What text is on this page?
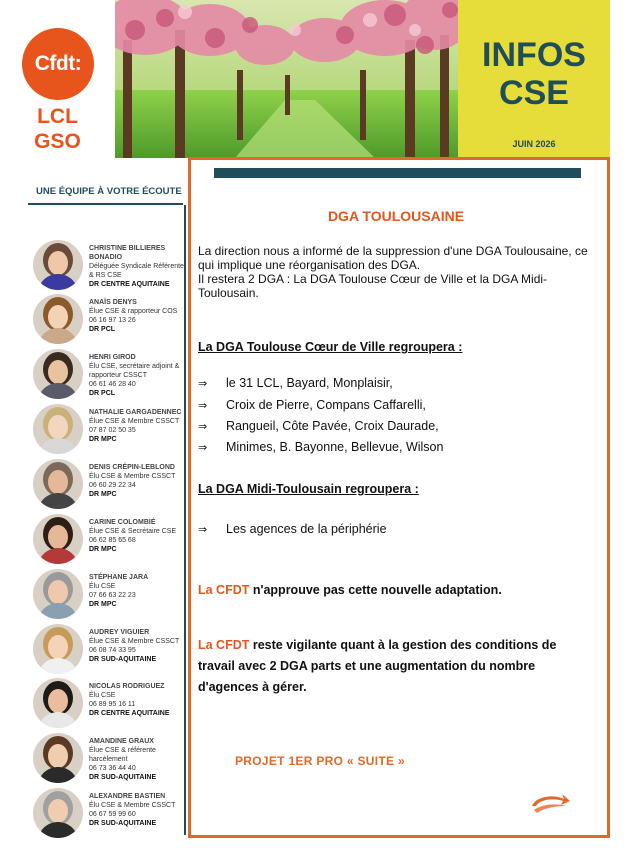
Cfdt:
LCL
GSO
INFOS
CSE
JUIN 2026
UNE ÉQUIPE À VOTRE ÉCOUTE
CHRISTINE BILLIERES BONADIO
Déléguée Syndicale Référente & RS CSE
DR CENTRE AQUITAINE
ANAÏS DENYS
Élue CSE & rapporteur COS
06 16 97 13 26
DR PCL
HENRI GIROD
Élu CSE, secrétaire adjoint & rapporteur CSSCT
06 61 46 28 40
DR PCL
NATHALIE GARGADENNEC
Élue CSE & Membre CSSCT
07 87 02 50 35
DR MPC
DENIS CRÉPIN-LEBLOND
Élu CSE & Membre CSSCT
06 60 29 22 34
DR MPC
CARINE COLOMBIÉ
Élue CSE & Secrétaire CSE
06 62 85 65 68
DR MPC
STÉPHANE JARA
Élu CSE
07 66 63 22 23
DR MPC
AUDREY VIGUIER
Élue CSE & Membre CSSCT
06 08 74 33 95
DR SUD-AQUITAINE
NICOLAS RODRIGUEZ
Élu CSE
06 89 95 16 11
DR CENTRE AQUITAINE
AMANDINE GRAUX
Élue CSE & référente harcèlement
06 73 36 44 40
DR SUD-AQUITAINE
ALEXANDRE BASTIEN
Élu CSE & Membre CSSCT
06 67 59 99 60
DR SUD-AQUITAINE
DGA TOULOUSAINE
La direction nous a informé de la suppression d'une DGA Toulousaine, ce qui implique une réorganisation des DGA.
Il restera 2 DGA : La DGA Toulouse Cœur de Ville et la DGA Midi-Toulousain.
La DGA Toulouse Cœur de Ville regroupera :
⇒ le 31 LCL, Bayard, Monplaisir,
⇒ Croix de Pierre, Compans Caffarelli,
⇒ Rangueil, Côte Pavée, Croix Daurade,
⇒ Minimes, B. Bayonne, Bellevue, Wilson
La DGA Midi-Toulousain regroupera :
⇒ Les agences de la périphérie
La CFDT n'approuve pas cette nouvelle adaptation.
La CFDT reste vigilante quant à la gestion des conditions de travail avec 2 DGA parts et une augmentation du nombre d'agences à gérer.
PROJET 1ER PRO « SUITE »
